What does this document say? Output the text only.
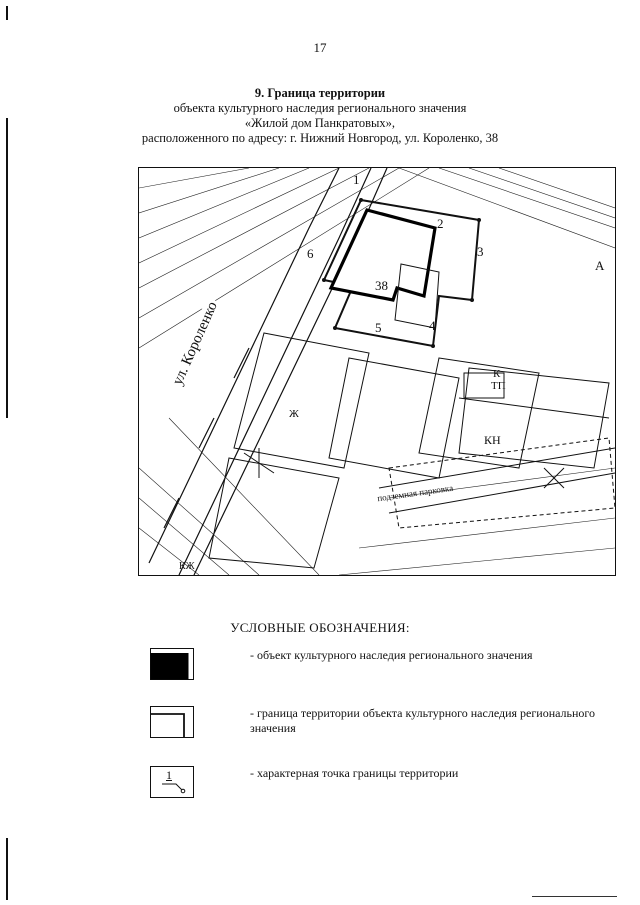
17
9. Граница территории
объекта культурного наследия регионального значения
«Жилой дом Панкратовых»,
расположенного по адресу: г. Нижний Новгород, ул. Короленко, 38
1
2
3
4
5
6
38
ул. Короленко
КН
ТП
К
А
подземная парковка
Ж
КЖ
УСЛОВНЫЕ ОБОЗНАЧЕНИЯ:
- объект культурного наследия регионального значения
- граница территории объекта культурного наследия регионального значения
1	- характерная точка границы территории
